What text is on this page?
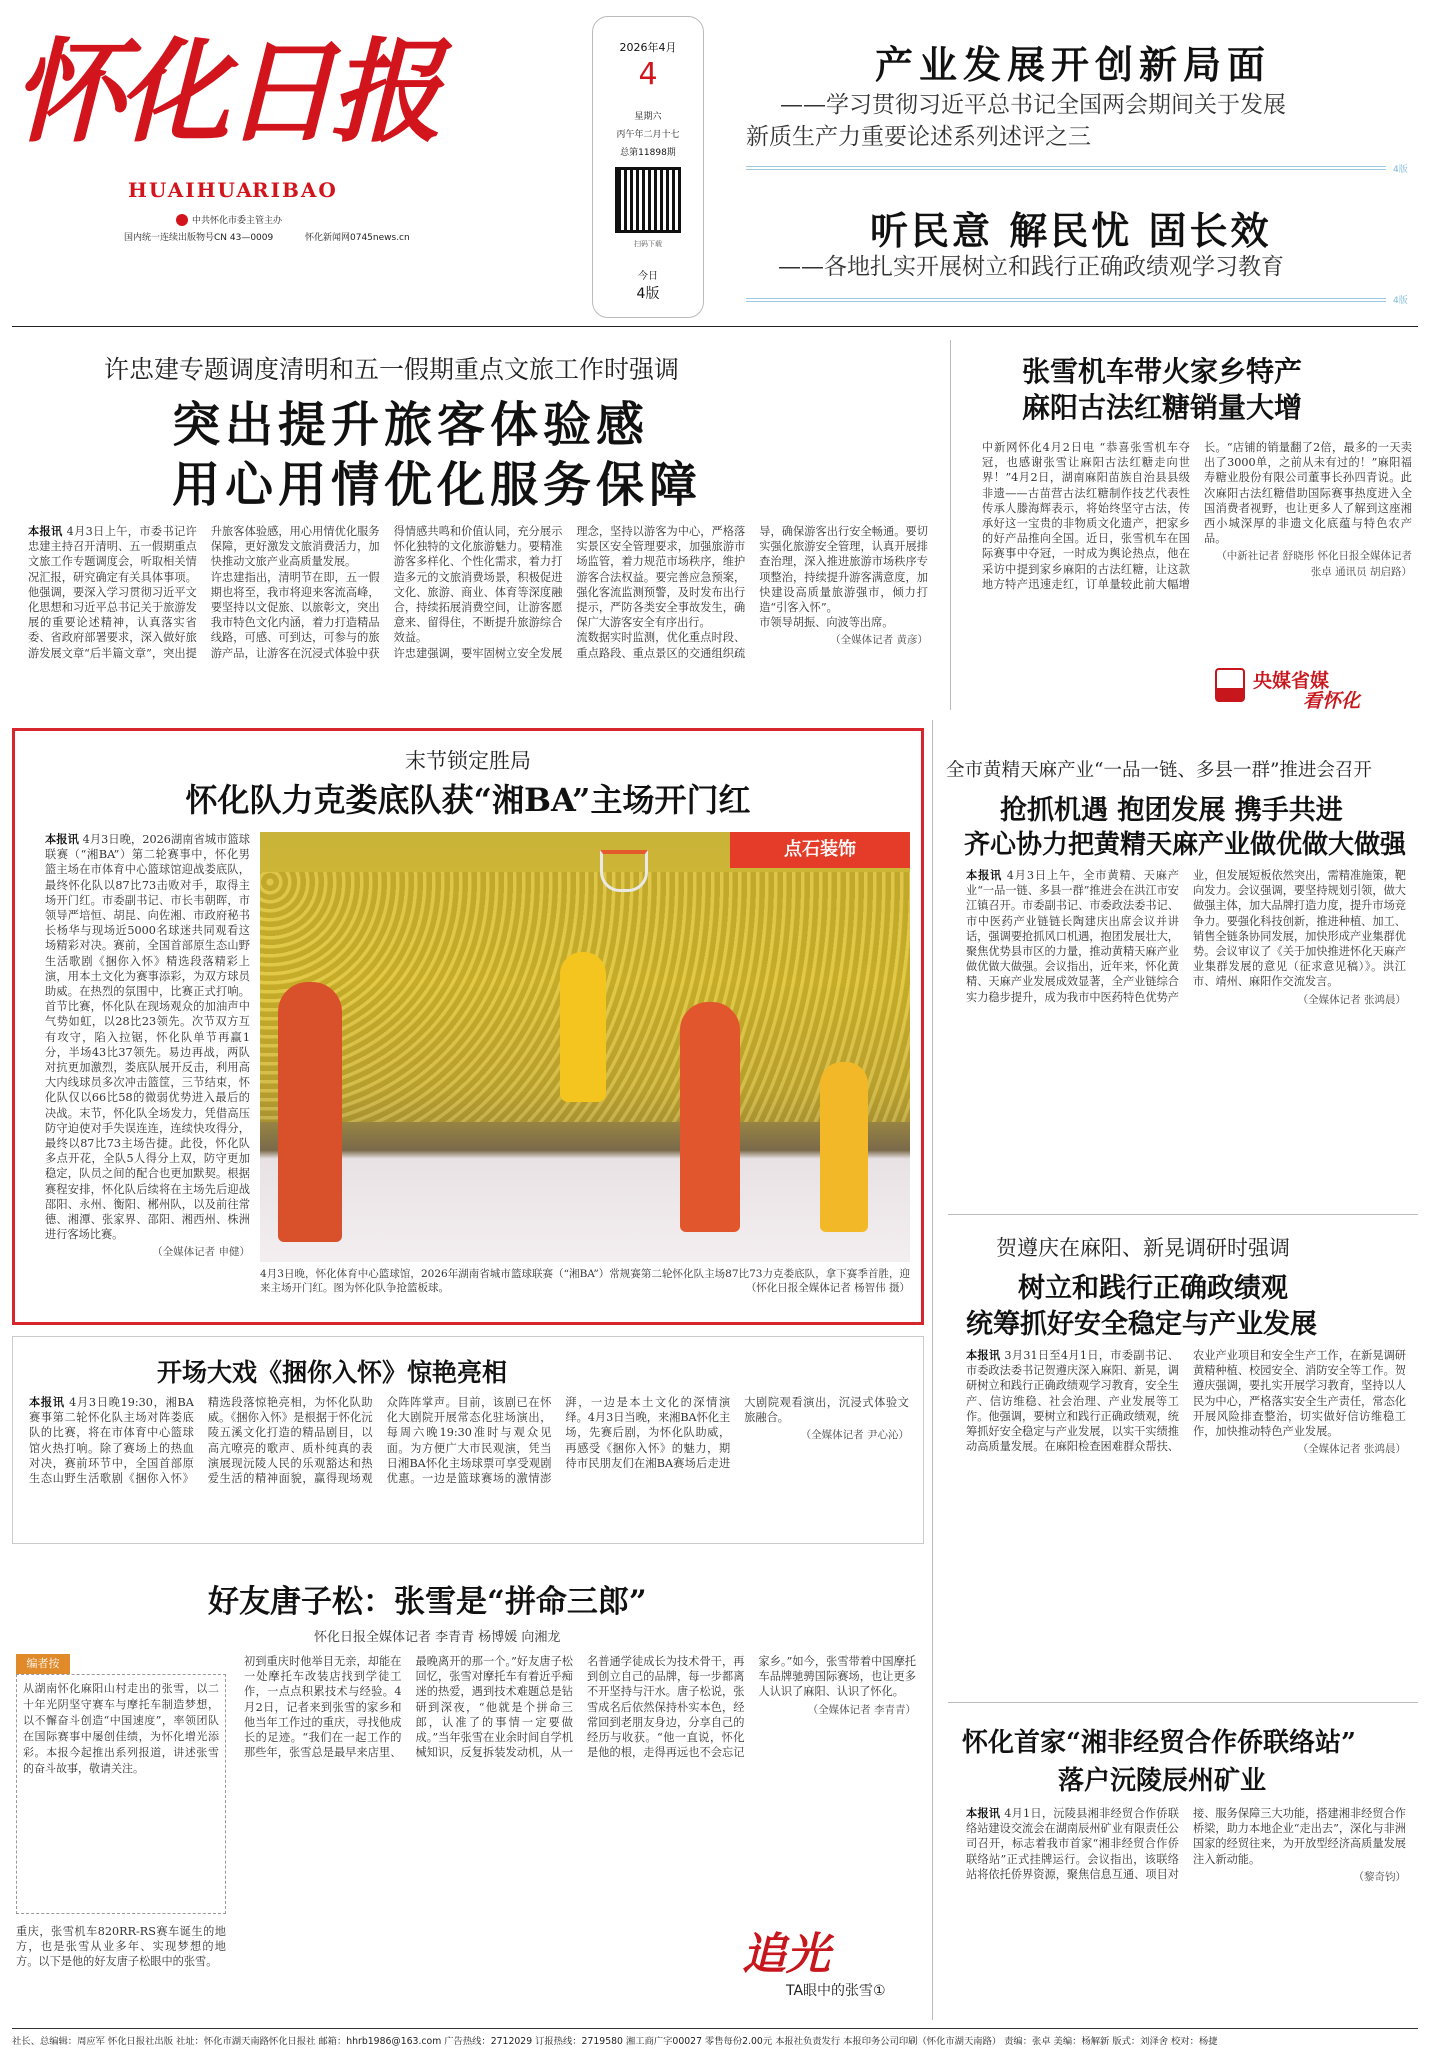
怀化日报
HUAIHUA
RIBAO
中共怀化市委主管主办
国内统一连续出版物号CN 43—0009	怀化新闻网0745news.cn
2026年4月
4
星期六
丙午年二月十七
总第11898期
扫码下载
今日
4版
产业发展开创新局面
——学习贯彻习近平总书记全国两会期间关于发展
新质生产力重要论述系列述评之三
4版
听民意 解民忧 固长效
——各地扎实开展树立和践行正确政绩观学习教育
4版
许忠建专题调度清明和五一假期重点文旅工作时强调
突出提升旅客体验感
用心用情优化服务保障
本报讯 4月3日上午，市委书记许忠建主持召开清明、五一假期重点文旅工作专题调度会，听取相关情况汇报，研究确定有关具体事项。他强调，要深入学习贯彻习近平文化思想和习近平总书记关于旅游发展的重要论述精神，认真落实省委、省政府部署要求，深入做好旅游发展文章“后半篇文章”，突出提升旅客体验感，用心用情优化服务保障，更好激发文旅消费活力，加快推动文旅产业高质量发展。
许忠建指出，清明节在即，五一假期也将至，我市将迎来客流高峰，要坚持以文促旅、以旅彰文，突出我市特色文化内涵，着力打造精品线路，可感、可到达，可参与的旅游产品，让游客在沉浸式体验中获得情感共鸣和价值认同，充分展示怀化独特的文化旅游魅力。要精准游客多样化、个性化需求，着力打造多元的文旅消费场景，积极促进文化、旅游、商业、体育等深度融合，持续拓展消费空间，让游客愿意来、留得住，不断提升旅游综合效益。
许忠建强调，要牢固树立安全发展理念，坚持以游客为中心，严格落实景区安全管理要求，加强旅游市场监管，着力规范市场秩序，维护游客合法权益。要完善应急预案，强化客流监测预警，及时发布出行提示，严防各类安全事故发生，确保广大游客安全有序出行。
流数据实时监测，优化重点时段、重点路段、重点景区的交通组织疏导，确保游客出行安全畅通。要切实强化旅游安全管理，认真开展排查治理，深入推进旅游市场秩序专项整治，持续提升游客满意度，加快建设高质量旅游强市，倾力打造“引客入怀”。
市领导胡振、向波等出席。
（全媒体记者 黄彦）
张雪机车带火家乡特产
麻阳古法红糖销量大增
中新网怀化4月2日电 “恭喜张雪机车夺冠，也感谢张雪让麻阳古法红糖走向世界！”4月2日，湖南麻阳苗族自治县县级非遗——古苗营古法红糖制作技艺代表性传承人滕海辉表示，将始终坚守古法，传承好这一宝贵的非物质文化遗产，把家乡的好产品推向全国。近日，张雪机车在国际赛事中夺冠，一时成为舆论热点，他在采访中提到家乡麻阳的古法红糖，让这款地方特产迅速走红，订单量较此前大幅增长。“店铺的销量翻了2倍，最多的一天卖出了3000单，之前从未有过的！”麻阳福寿糖业股份有限公司董事长孙四青说。此次麻阳古法红糖借助国际赛事热度进入全国消费者视野，也让更多人了解到这座湘西小城深厚的非遗文化底蕴与特色农产品。
（中新社记者 舒晓彤 怀化日报全媒体记者 张卓 通讯员 胡启路）
央媒省媒
看怀化
末节锁定胜局
怀化队力克娄底队获“湘BA”主场开门红
本报讯 4月3日晚，2026湖南省城市篮球联赛（“湘BA”）第二轮赛事中，怀化男篮主场在市体育中心篮球馆迎战娄底队，最终怀化队以87比73击败对手，取得主场开门红。市委副书记、市长韦朝晖，市领导严培恒、胡昆、向佐湘、市政府秘书长杨华与现场近5000名球迷共同观看这场精彩对决。赛前，全国首部原生态山野生活歌剧《捆你入怀》精选段落精彩上演，用本土文化为赛事添彩，为双方球员助威。在热烈的氛围中，比赛正式打响。首节比赛，怀化队在现场观众的加油声中气势如虹，以28比23领先。次节双方互有攻守，陷入拉锯，怀化队单节再赢1分，半场43比37领先。易边再战，两队对抗更加激烈，娄底队展开反击，利用高大内线球员多次冲击篮筐，三节结束，怀化队仅以66比58的微弱优势进入最后的决战。末节，怀化队全场发力，凭借高压防守迫使对手失误连连，连续快攻得分，最终以87比73主场告捷。此役，怀化队多点开花，全队5人得分上双，防守更加稳定，队员之间的配合也更加默契。根据赛程安排，怀化队后续将在主场先后迎战邵阳、永州、衡阳、郴州队，以及前往常德、湘潭、张家界、邵阳、湘西州、株洲进行客场比赛。
（全媒体记者 申健）
点石装饰
4月3日晚，怀化体育中心篮球馆，2026年湖南省城市篮球联赛（“湘BA”）常规赛第二轮怀化队主场87比73力克娄底队，拿下赛季首胜，迎来主场开门红。图为怀化队争抢篮板球。	（怀化日报全媒体记者 杨智伟 摄）
全市黄精天麻产业“一品一链、多县一群”推进会召开
抢抓机遇 抱团发展 携手共进
齐心协力把黄精天麻产业做优做大做强
本报讯 4月3日上午，全市黄精、天麻产业“一品一链、多县一群”推进会在洪江市安江镇召开。市委副书记、市委政法委书记、市中医药产业链链长陶建庆出席会议并讲话，强调要抢抓风口机遇，抱团发展壮大，聚焦优势县市区的力量，推动黄精天麻产业做优做大做强。会议指出，近年来，怀化黄精、天麻产业发展成效显著，全产业链综合实力稳步提升，成为我市中医药特色优势产业，但发展短板依然突出，需精准施策，靶向发力。会议强调，要坚持规划引领，做大做强主体，加大品牌打造力度，提升市场竞争力。要强化科技创新，推进种植、加工、销售全链条协同发展，加快形成产业集群优势。会议审议了《关于加快推进怀化天麻产业集群发展的意见（征求意见稿）》。洪江市、靖州、麻阳作交流发言。
（全媒体记者 张鸿晨）
贺遵庆在麻阳、新晃调研时强调
树立和践行正确政绩观
统筹抓好安全稳定与产业发展
本报讯 3月31日至4月1日，市委副书记、市委政法委书记贺遵庆深入麻阳、新晃，调研树立和践行正确政绩观学习教育，安全生产、信访维稳、社会治理、产业发展等工作。他强调，要树立和践行正确政绩观，统筹抓好安全稳定与产业发展，以实干实绩推动高质量发展。在麻阳检查困难群众帮扶、农业产业项目和安全生产工作，在新晃调研黄精种植、校园安全、消防安全等工作。贺遵庆强调，要扎实开展学习教育，坚持以人民为中心，严格落实安全生产责任，常态化开展风险排查整治，切实做好信访维稳工作，加快推动特色产业发展。
（全媒体记者 张鸿晨）
怀化首家“湘非经贸合作侨联络站”
落户沅陵辰州矿业
本报讯 4月1日，沅陵县湘非经贸合作侨联络站建设交流会在湖南辰州矿业有限责任公司召开，标志着我市首家“湘非经贸合作侨联络站”正式挂牌运行。会议指出，该联络站将依托侨界资源，聚焦信息互通、项目对接、服务保障三大功能，搭建湘非经贸合作桥梁，助力本地企业“走出去”，深化与非洲国家的经贸往来，为开放型经济高质量发展注入新动能。
（黎奇钧）
开场大戏《捆你入怀》惊艳亮相
本报讯 4月3日晚19:30，湘BA赛事第二轮怀化队主场对阵娄底队的比赛，将在市体育中心篮球馆火热打响。除了赛场上的热血对决，赛前环节中，全国首部原生态山野生活歌剧《捆你入怀》精选段落惊艳亮相，为怀化队助威。《捆你入怀》是根据于怀化沅陵五溪文化打造的精品剧目，以高亢嘹亮的歌声、质朴纯真的表演展现沅陵人民的乐观豁达和热爱生活的精神面貌，赢得现场观众阵阵掌声。目前，该剧已在怀化大剧院开展常态化驻场演出，每周六晚19:30准时与观众见面。为方便广大市民观演，凭当日湘BA怀化主场球票可享受观剧优惠。一边是篮球赛场的激情澎湃，一边是本土文化的深情演绎。4月3日当晚，来湘BA怀化主场，先赛后剧，为怀化队助威，再感受《捆你入怀》的魅力，期待市民朋友们在湘BA赛场后走进大剧院观看演出，沉浸式体验文旅融合。
（全媒体记者 尹心沁）
好友唐子松：张雪是“拼命三郎”
怀化日报全媒体记者 李青青 杨博媛 向湘龙
编者按
从湖南怀化麻阳山村走出的张雪，以二十年光阴坚守赛车与摩托车制造梦想，以不懈奋斗创造“中国速度”，率领团队在国际赛事中屡创佳绩，为怀化增光添彩。本报今起推出系列报道，讲述张雪的奋斗故事，敬请关注。
重庆，张雪机车820RR-RS赛车诞生的地方，也是张雪从业多年、实现梦想的地方。以下是他的好友唐子松眼中的张雪。
初到重庆时他举目无亲，却能在一处摩托车改装店找到学徒工作，一点点积累技术与经验。4月2日，记者来到张雪的家乡和他当年工作过的重庆，寻找他成长的足迹。“我们在一起工作的那些年，张雪总是最早来店里、最晚离开的那一个。”好友唐子松回忆，张雪对摩托车有着近乎痴迷的热爱，遇到技术难题总是钻研到深夜，“他就是个拼命三郎，认准了的事情一定要做成。”当年张雪在业余时间自学机械知识，反复拆装发动机，从一名普通学徒成长为技术骨干，再到创立自己的品牌，每一步都离不开坚持与汗水。唐子松说，张雪成名后依然保持朴实本色，经常回到老朋友身边，分享自己的经历与收获。“他一直说，怀化是他的根，走得再远也不会忘记家乡。”如今，张雪带着中国摩托车品牌驰骋国际赛场，也让更多人认识了麻阳、认识了怀化。
（全媒体记者 李青青）
追光
TA眼中的张雪①
社长、总编辑：周应军 怀化日报社出版 社址：怀化市湖天南路怀化日报社 邮箱：hhrb1986@163.com 广告热线：2712029 订报热线：2719580 湘工商广字00027 零售每份2.00元 本报社负责发行 本报印务公司印刷（怀化市湖天南路） 责编：张卓 美编：杨解新 版式：刘泽舍 校对：杨捷
